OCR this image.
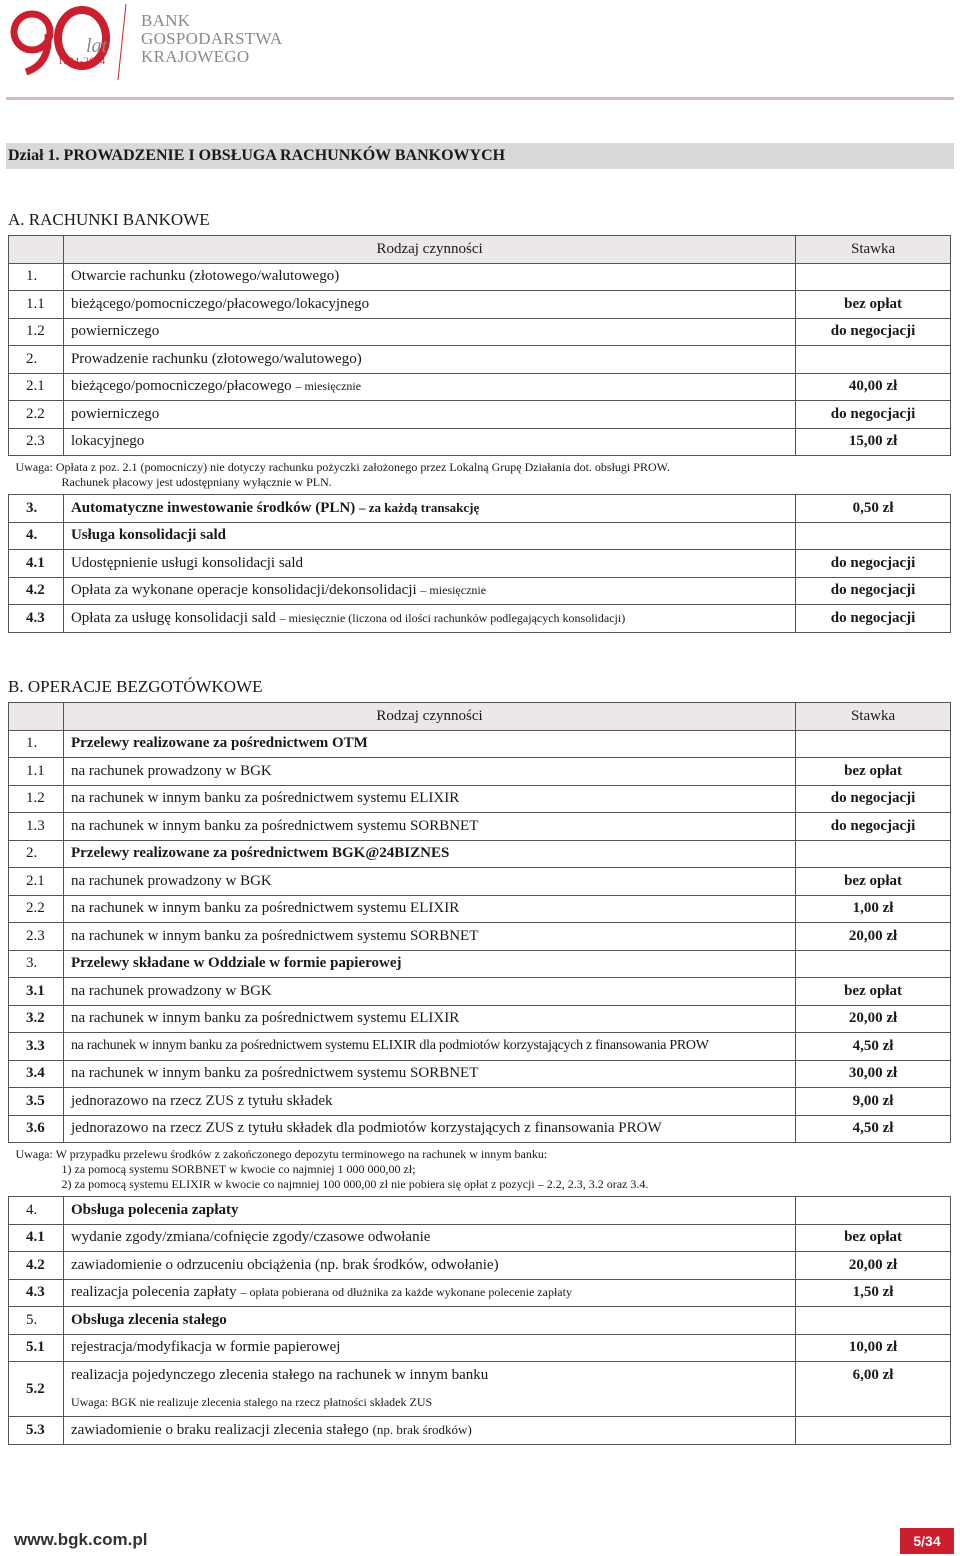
lat
1924-2014
BANK
GOSPODARSTWA
KRAJOWEGO
Dział 1. PROWADZENIE I OBSŁUGA RACHUNKÓW BANKOWYCH
A. RACHUNKI BANKOWE
	Rodzaj czynności	Stawka
1.	Otwarcie rachunku (złotowego/walutowego)	
1.1	bieżącego/pomocniczego/płacowego/lokacyjnego	bez opłat
1.2	powierniczego	do negocjacji
2.	Prowadzenie rachunku (złotowego/walutowego)	
2.1	bieżącego/pomocniczego/płacowego – miesięcznie	40,00 zł
2.2	powierniczego	do negocjacji
2.3	lokacyjnego	15,00 zł
Uwaga: Opłata z poz. 2.1 (pomocniczy) nie dotyczy rachunku pożyczki założonego przez Lokalną Grupę Działania dot. obsługi PROW.
Rachunek płacowy jest udostępniany wyłącznie w PLN.		

3.	Automatyczne inwestowanie środków (PLN) – za każdą transakcję	0,50 zł
4.	Usługa konsolidacji sald	
4.1	Udostępnienie usługi konsolidacji sald	do negocjacji
4.2	Opłata za wykonane operacje konsolidacji/dekonsolidacji – miesięcznie	do negocjacji
4.3	Opłata za usługę konsolidacji sald – miesięcznie (liczona od ilości rachunków podlegających konsolidacji)	do negocjacji
B. OPERACJE BEZGOTÓWKOWE
	Rodzaj czynności	Stawka
1.	Przelewy realizowane za pośrednictwem OTM	
1.1	na rachunek prowadzony w BGK	bez opłat
1.2	na rachunek w innym banku za pośrednictwem systemu ELIXIR	do negocjacji
1.3	na rachunek w innym banku za pośrednictwem systemu SORBNET	do negocjacji
2.	Przelewy realizowane za pośrednictwem BGK@24BIZNES	
2.1	na rachunek prowadzony w BGK	bez opłat
2.2	na rachunek w innym banku za pośrednictwem systemu ELIXIR	1,00 zł
2.3	na rachunek w innym banku za pośrednictwem systemu SORBNET	20,00 zł
3.	Przelewy składane w Oddziale w formie papierowej	
3.1	na rachunek prowadzony w BGK	bez opłat
3.2	na rachunek w innym banku za pośrednictwem systemu ELIXIR	20,00 zł
3.3	na rachunek w innym banku za pośrednictwem systemu ELIXIR dla podmiotów korzystających z finansowania PROW	4,50 zł
3.4	na rachunek w innym banku za pośrednictwem systemu SORBNET	30,00 zł
3.5	jednorazowo na rzecz ZUS z tytułu składek	9,00 zł
3.6	jednorazowo na rzecz ZUS z tytułu składek dla podmiotów korzystających z finansowania PROW	4,50 zł
Uwaga: W przypadku przelewu środków z zakończonego depozytu terminowego na rachunek w innym banku:
1) za pomocą systemu SORBNET w kwocie co najmniej 1 000 000,00 zł;
2) za pomocą systemu ELIXIR w kwocie co najmniej 100 000,00 zł nie pobiera się opłat z pozycji – 2.2, 2.3, 3.2 oraz 3.4.		

4.	Obsługa polecenia zapłaty	
4.1	wydanie zgody/zmiana/cofnięcie zgody/czasowe odwołanie	bez opłat
4.2	zawiadomienie o odrzuceniu obciążenia (np. brak środków, odwołanie)	20,00 zł
4.3	realizacja polecenia zapłaty – opłata pobierana od dłużnika za każde wykonane polecenie zapłaty	1,50 zł
5.	Obsługa zlecenia stałego	
5.1	rejestracja/modyfikacja w formie papierowej	10,00 zł
5.2	realizacja pojedynczego zlecenia stałego na rachunek w innym banku	6,00 zł
	Uwaga: BGK nie realizuje zlecenia stałego na rzecz płatności składek ZUS	
5.3	zawiadomienie o braku realizacji zlecenia stałego (np. brak środków)	
www.bgk.com.pl	5/34
